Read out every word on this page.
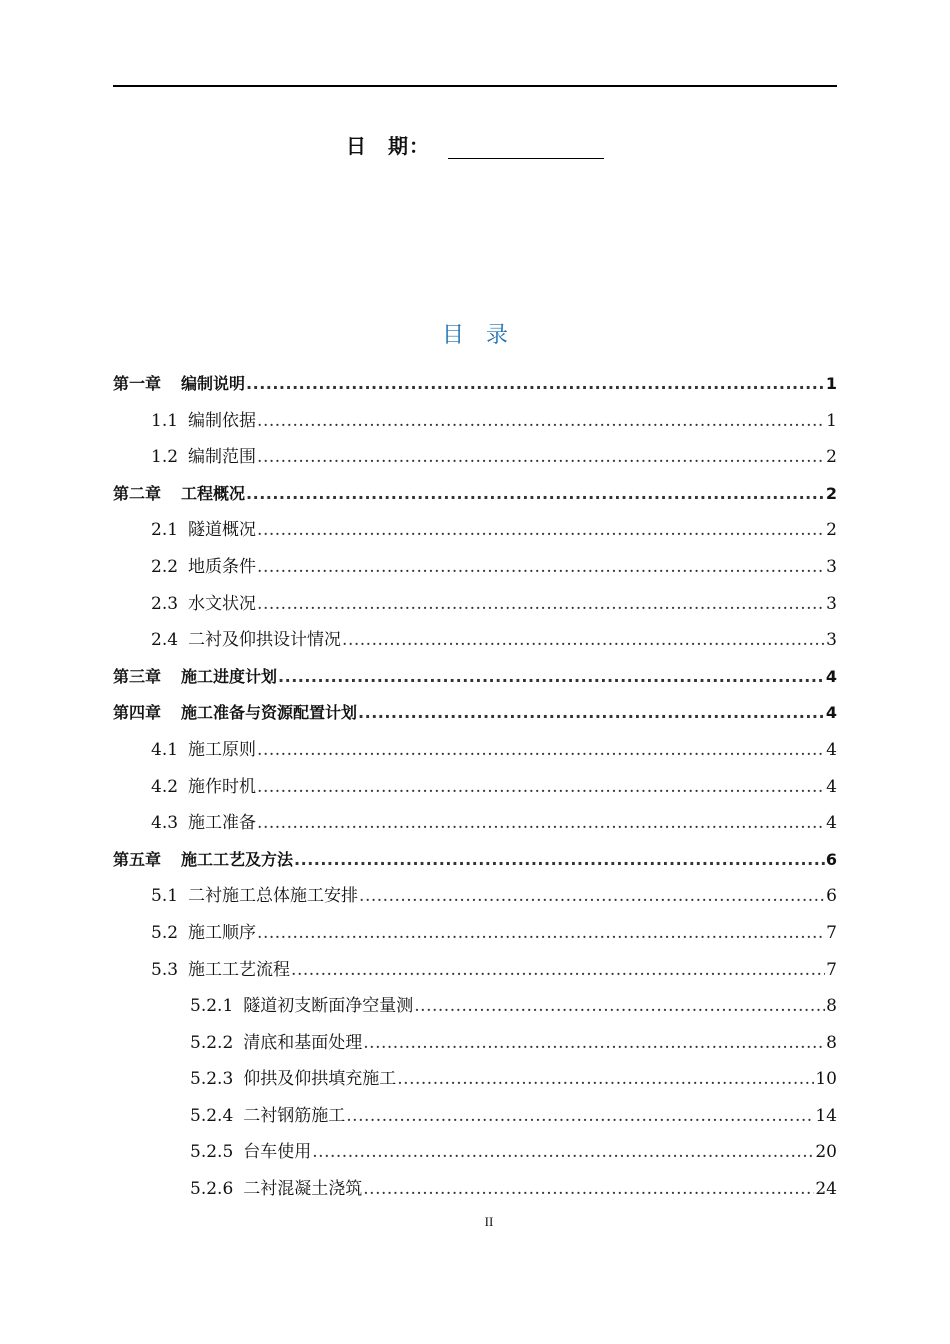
日　期：
目　录
第一章 编制说明 .....	1
1.1 编制依据 .....	1
1.2 编制范围 .....	2
第二章 工程概况 .....	2
2.1 隧道概况 .....	2
2.2 地质条件 .....	3
2.3 水文状况 .....	3
2.4 二衬及仰拱设计情况 .....	3
第三章 施工进度计划 .....	4
第四章 施工准备与资源配置计划 .....	4
4.1 施工原则 .....	4
4.2 施作时机 .....	4
4.3 施工准备 .....	4
第五章 施工工艺及方法 .....	6
5.1 二衬施工总体施工安排 .....	6
5.2 施工顺序 .....	7
5.3 施工工艺流程 .....	7
5.2.1 隧道初支断面净空量测 .....	8
5.2.2 清底和基面处理 .....	8
5.2.3 仰拱及仰拱填充施工 .....	10
5.2.4 二衬钢筋施工 .....	14
5.2.5 台车使用 .....	20
5.2.6 二衬混凝土浇筑 .....	24
II
